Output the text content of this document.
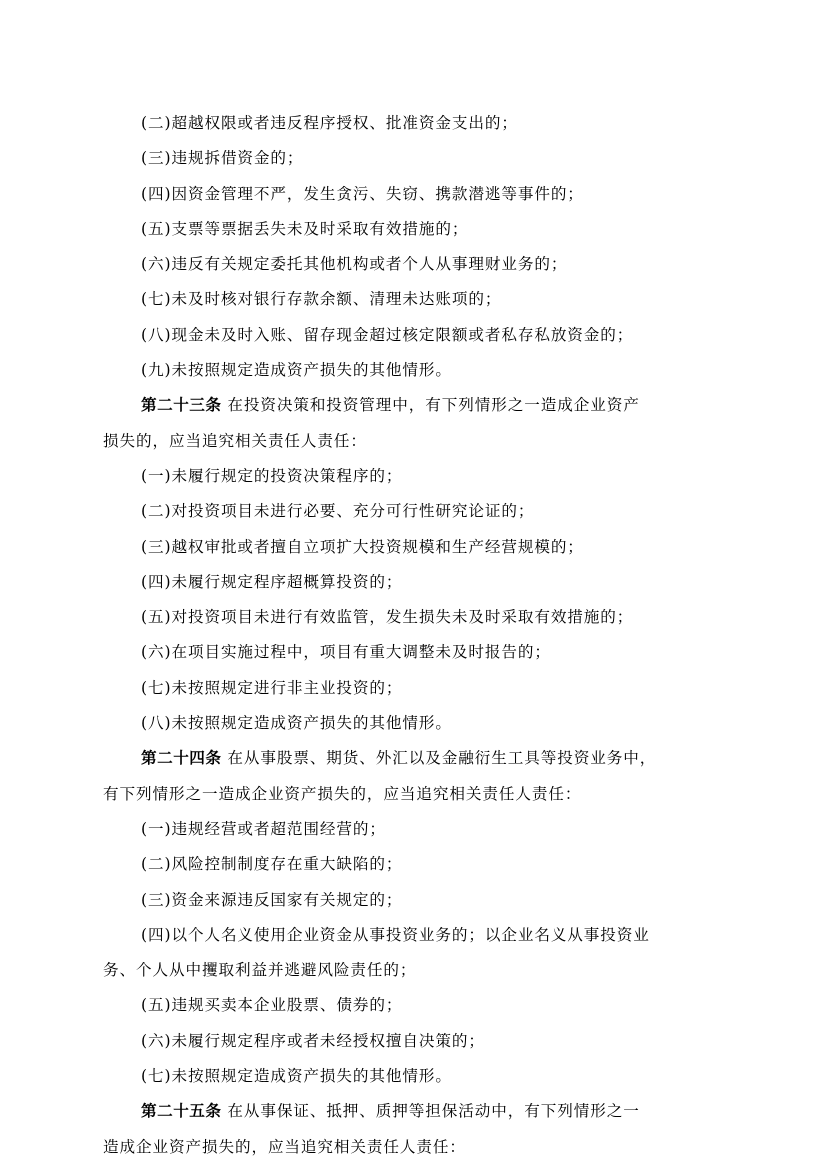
(二)超越权限或者违反程序授权、批准资金支出的；
(三)违规拆借资金的；
(四)因资金管理不严，发生贪污、失窃、携款潜逃等事件的；
(五)支票等票据丢失未及时采取有效措施的；
(六)违反有关规定委托其他机构或者个人从事理财业务的；
(七)未及时核对银行存款余额、清理未达账项的；
(八)现金未及时入账、留存现金超过核定限额或者私存私放资金的；
(九)未按照规定造成资产损失的其他情形。
第二十三条 在投资决策和投资管理中，有下列情形之一造成企业资产
损失的，应当追究相关责任人责任：
(一)未履行规定的投资决策程序的；
(二)对投资项目未进行必要、充分可行性研究论证的；
(三)越权审批或者擅自立项扩大投资规模和生产经营规模的；
(四)未履行规定程序超概算投资的；
(五)对投资项目未进行有效监管，发生损失未及时采取有效措施的；
(六)在项目实施过程中，项目有重大调整未及时报告的；
(七)未按照规定进行非主业投资的；
(八)未按照规定造成资产损失的其他情形。
第二十四条 在从事股票、期货、外汇以及金融衍生工具等投资业务中，
有下列情形之一造成企业资产损失的，应当追究相关责任人责任：
(一)违规经营或者超范围经营的；
(二)风险控制制度存在重大缺陷的；
(三)资金来源违反国家有关规定的；
(四)以个人名义使用企业资金从事投资业务的；以企业名义从事投资业
务、个人从中攫取利益并逃避风险责任的；
(五)违规买卖本企业股票、债券的；
(六)未履行规定程序或者未经授权擅自决策的；
(七)未按照规定造成资产损失的其他情形。
第二十五条 在从事保证、抵押、质押等担保活动中，有下列情形之一
造成企业资产损失的，应当追究相关责任人责任：
